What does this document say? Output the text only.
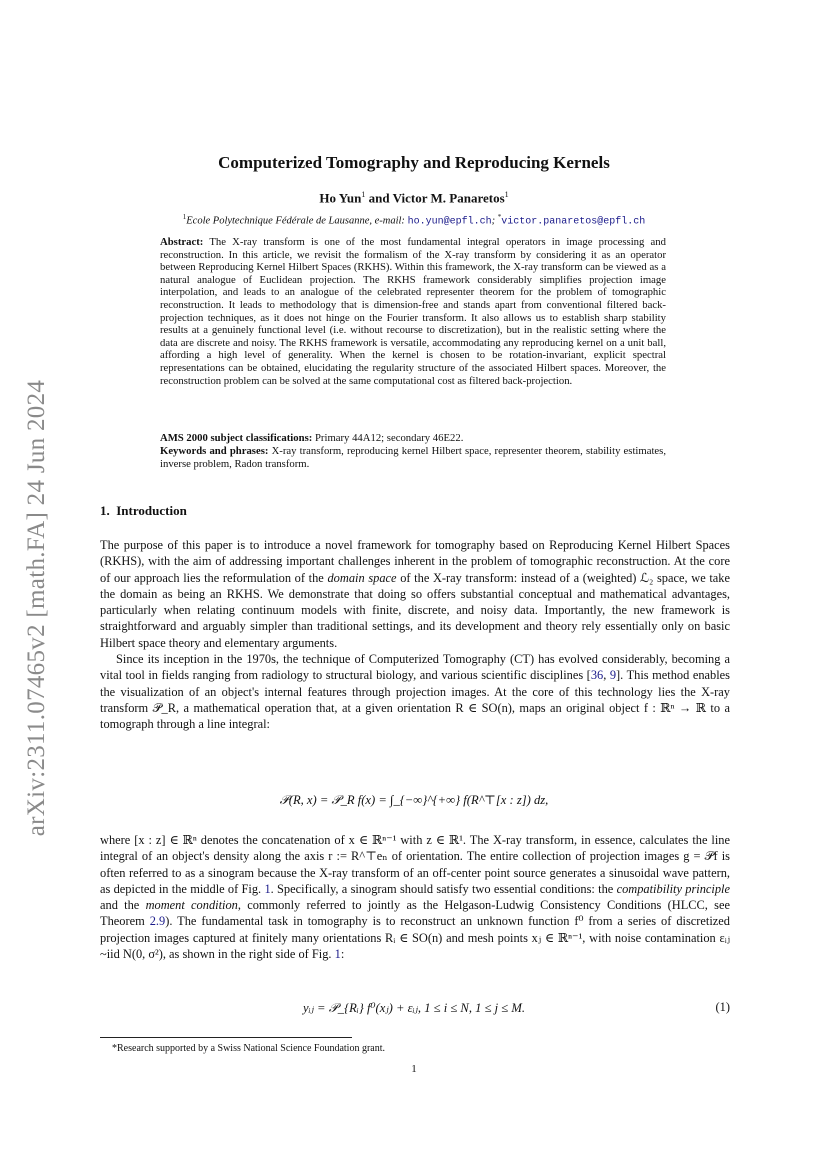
arXiv:2311.07465v2 [math.FA] 24 Jun 2024
Computerized Tomography and Reproducing Kernels
Ho Yun$^1$ and Victor M. Panaretos$^1$
$^1$Ecole Polytechnique Fédérale de Lausanne, e-mail: ho.yun@epfl.ch; *victor.panaretos@epfl.ch
Abstract: The X-ray transform is one of the most fundamental integral operators in image processing and reconstruction. In this article, we revisit the formalism of the X-ray transform by considering it as an operator between Reproducing Kernel Hilbert Spaces (RKHS). Within this framework, the X-ray transform can be viewed as a natural analogue of Euclidean projection. The RKHS framework considerably simplifies projection image interpolation, and leads to an analogue of the celebrated representer theorem for the problem of tomographic reconstruction. It leads to methodology that is dimension-free and stands apart from conventional filtered back-projection techniques, as it does not hinge on the Fourier transform. It also allows us to establish sharp stability results at a genuinely functional level (i.e. without recourse to discretization), but in the realistic setting where the data are discrete and noisy. The RKHS framework is versatile, accommodating any reproducing kernel on a unit ball, affording a high level of generality. When the kernel is chosen to be rotation-invariant, explicit spectral representations can be obtained, elucidating the regularity structure of the associated Hilbert spaces. Moreover, the reconstruction problem can be solved at the same computational cost as filtered back-projection.
AMS 2000 subject classifications: Primary 44A12; secondary 46E22.
Keywords and phrases: X-ray transform, reproducing kernel Hilbert space, representer theorem, stability estimates, inverse problem, Radon transform.
1. Introduction

The purpose of this paper is to introduce a novel framework for tomography based on Reproducing Kernel Hilbert Spaces (RKHS), with the aim of addressing important challenges inherent in the problem of tomographic reconstruction. At the core of our approach lies the reformulation of the domain space of the X-ray transform: instead of a (weighted) ℒ₂ space, we take the domain as being an RKHS. We demonstrate that doing so offers substantial conceptual and mathematical advantages, particularly when relating continuum models with finite, discrete, and noisy data. Importantly, the new framework is straightforward and arguably simpler than traditional settings, and its development and theory rely essentially only on basic Hilbert space theory and elementary arguments.

Since its inception in the 1970s, the technique of Computerized Tomography (CT) has evolved considerably, becoming a vital tool in fields ranging from radiology to structural biology, and various scientific disciplines [36, 9]. This method enables the visualization of an object's internal features through projection images. At the core of this technology lies the X-ray transform 𝒫_R, a mathematical operation that, at a given orientation R ∈ SO(n), maps an original object f : ℝⁿ → ℝ to a tomograph through a line integral:

𝒫(R, x) = 𝒫_R f(x) = ∫_{−∞}^{+∞} f(R^⊤[x : z]) dz,

where [x : z] ∈ ℝⁿ denotes the concatenation of x ∈ ℝⁿ⁻¹ with z ∈ ℝ¹. The X-ray transform, in essence, calculates the line integral of an object's density along the axis r := R^⊤eₙ of orientation. The entire collection of projection images g = 𝒫f is often referred to as a sinogram because the X-ray transform of an off-center point source generates a sinusoidal wave pattern, as depicted in the middle of Fig. 1. Specifically, a sinogram should satisfy two essential conditions: the compatibility principle and the moment condition, commonly referred to jointly as the Helgason-Ludwig Consistency Conditions (HLCC, see Theorem 2.9). The fundamental task in tomography is to reconstruct an unknown function f⁰ from a series of discretized projection images captured at finitely many orientations Rᵢ ∈ SO(n) and mesh points xⱼ ∈ ℝⁿ⁻¹, with noise contamination εᵢⱼ ~iid N(0, σ²), as shown in the right side of Fig. 1:

yᵢⱼ = 𝒫_{Rᵢ} f⁰(xⱼ) + εᵢⱼ, 1 ≤ i ≤ N, 1 ≤ j ≤ M.	(1)
*Research supported by a Swiss National Science Foundation grant.
1
